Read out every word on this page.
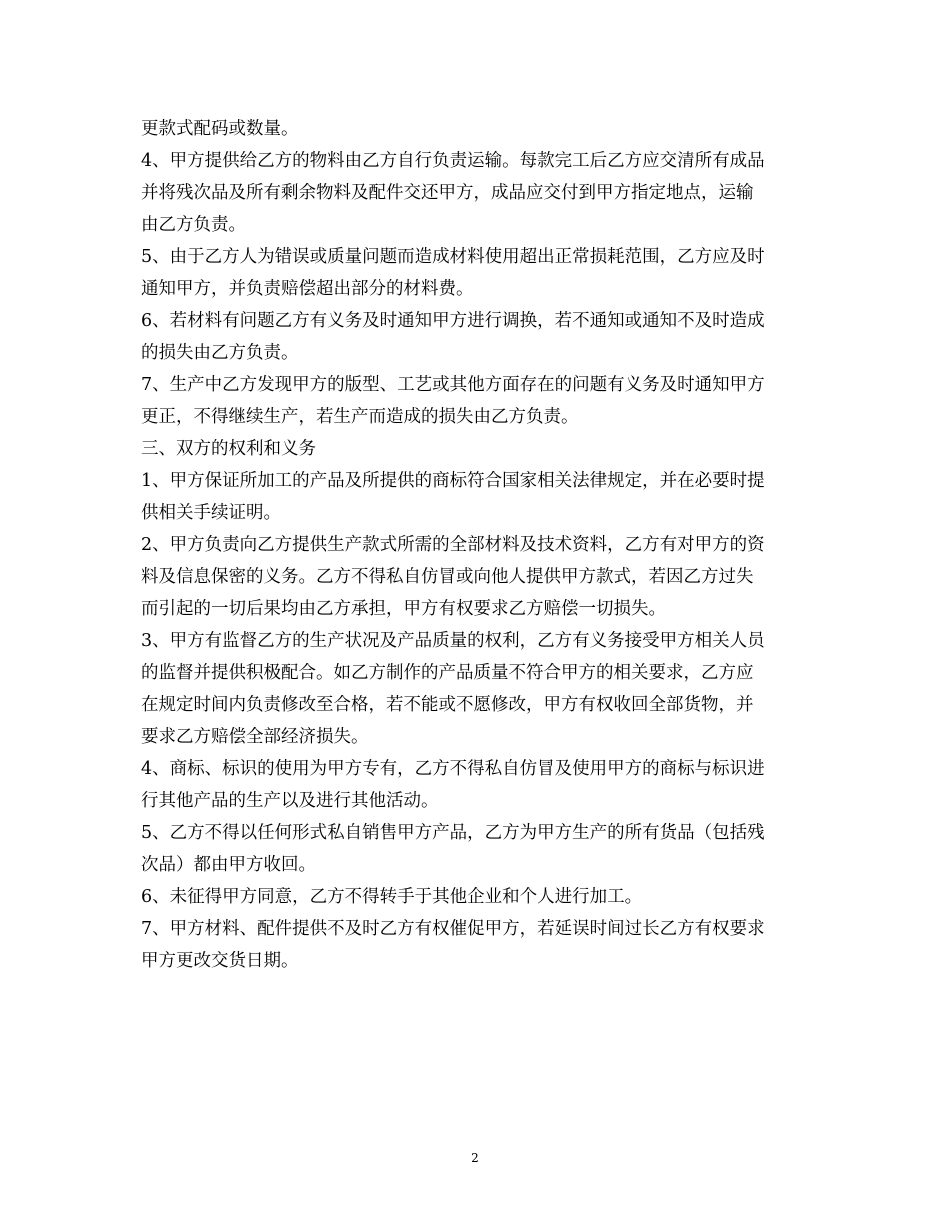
更款式配码或数量。
4、甲方提供给乙方的物料由乙方自行负责运输。每款完工后乙方应交清所有成品
并将残次品及所有剩余物料及配件交还甲方，成品应交付到甲方指定地点，运输
由乙方负责。
5、由于乙方人为错误或质量问题而造成材料使用超出正常损耗范围，乙方应及时
通知甲方，并负责赔偿超出部分的材料费。
6、若材料有问题乙方有义务及时通知甲方进行调换，若不通知或通知不及时造成
的损失由乙方负责。
7、生产中乙方发现甲方的版型、工艺或其他方面存在的问题有义务及时通知甲方
更正，不得继续生产，若生产而造成的损失由乙方负责。
三、双方的权利和义务
1、甲方保证所加工的产品及所提供的商标符合国家相关法律规定，并在必要时提
供相关手续证明。
2、甲方负责向乙方提供生产款式所需的全部材料及技术资料，乙方有对甲方的资
料及信息保密的义务。乙方不得私自仿冒或向他人提供甲方款式，若因乙方过失
而引起的一切后果均由乙方承担，甲方有权要求乙方赔偿一切损失。
3、甲方有监督乙方的生产状况及产品质量的权利，乙方有义务接受甲方相关人员
的监督并提供积极配合。如乙方制作的产品质量不符合甲方的相关要求，乙方应
在规定时间内负责修改至合格，若不能或不愿修改，甲方有权收回全部货物，并
要求乙方赔偿全部经济损失。
4、商标、标识的使用为甲方专有，乙方不得私自仿冒及使用甲方的商标与标识进
行其他产品的生产以及进行其他活动。
5、乙方不得以任何形式私自销售甲方产品，乙方为甲方生产的所有货品（包括残
次品）都由甲方收回。
6、未征得甲方同意，乙方不得转手于其他企业和个人进行加工。
7、甲方材料、配件提供不及时乙方有权催促甲方，若延误时间过长乙方有权要求
甲方更改交货日期。
2
